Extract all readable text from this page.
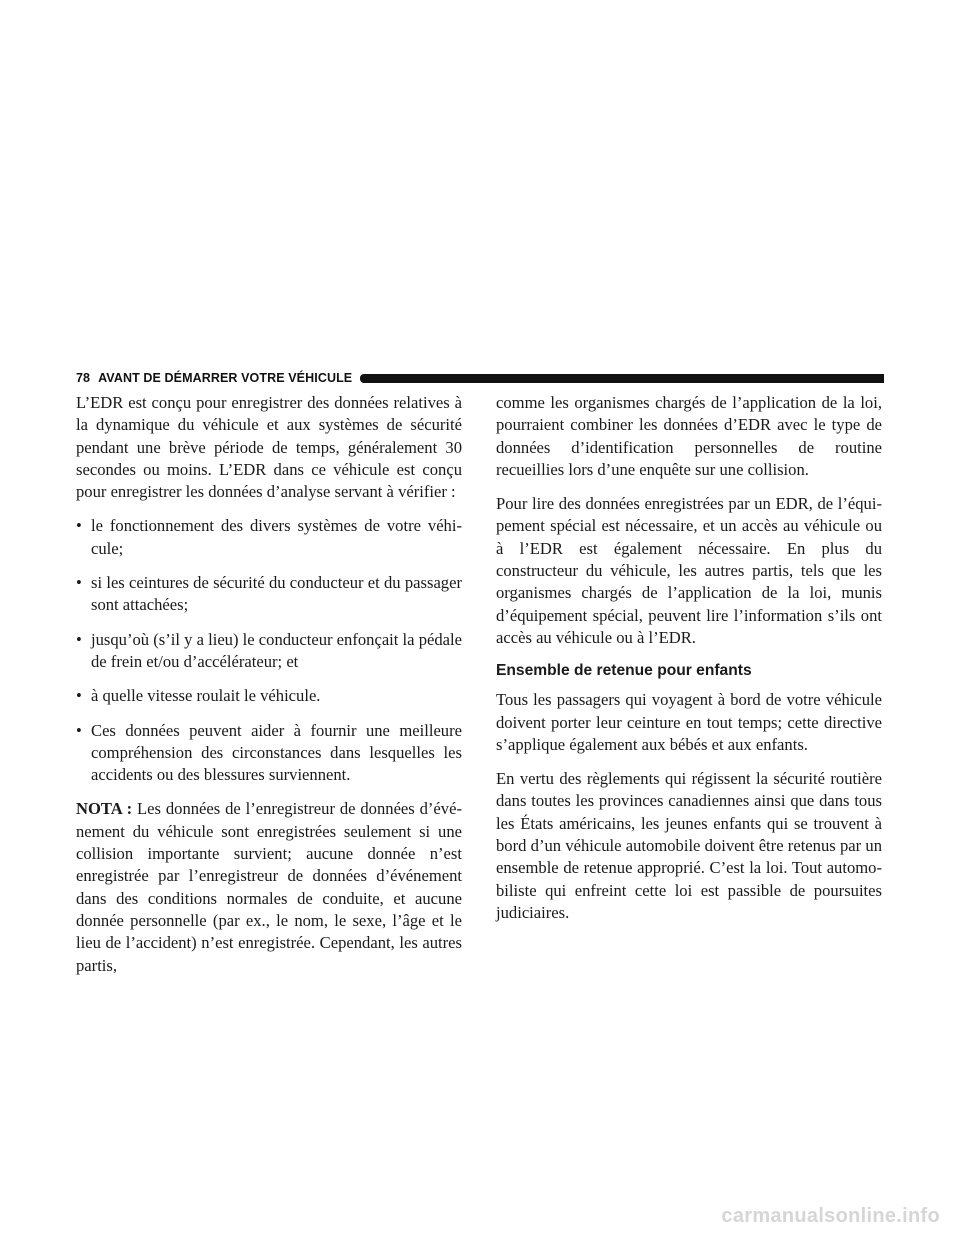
78 AVANT DE DÉMARRER VOTRE VÉHICULE

L’EDR est conçu pour enregistrer des données relatives à la dynamique du véhicule et aux systèmes de sécurité pendant une brève période de temps, généralement 30 secondes ou moins. L’EDR dans ce véhicule est conçu pour enregistrer les données d’analyse servant à vérifier :

• le fonctionnement des divers systèmes de votre véhicule;
• si les ceintures de sécurité du conducteur et du passager sont attachées;
• jusqu’où (s’il y a lieu) le conducteur enfonçait la pédale de frein et/ou d’accélérateur; et
• à quelle vitesse roulait le véhicule.
• Ces données peuvent aider à fournir une meilleure compréhension des circonstances dans lesquelles les accidents ou des blessures surviennent.

NOTA : Les données de l’enregistreur de données d’événement du véhicule sont enregistrées seulement si une collision importante survient; aucune donnée n’est enregistrée par l’enregistreur de données d’événement dans des conditions normales de conduite, et aucune donnée personnelle (par ex., le nom, le sexe, l’âge et le lieu de l’accident) n’est enregistrée. Cependant, les autres partis,

comme les organismes chargés de l’application de la loi, pourraient combiner les données d’EDR avec le type de données d’identification personnelles de routine recueillies lors d’une enquête sur une collision.

Pour lire des données enregistrées par un EDR, de l’équipement spécial est nécessaire, et un accès au véhicule ou à l’EDR est également nécessaire. En plus du constructeur du véhicule, les autres partis, tels que les organismes chargés de l’application de la loi, munis d’équipement spécial, peuvent lire l’information s’ils ont accès au véhicule ou à l’EDR.

Ensemble de retenue pour enfants

Tous les passagers qui voyagent à bord de votre véhicule doivent porter leur ceinture en tout temps; cette directive s’applique également aux bébés et aux enfants.

En vertu des règlements qui régissent la sécurité routière dans toutes les provinces canadiennes ainsi que dans tous les États américains, les jeunes enfants qui se trouvent à bord d’un véhicule automobile doivent être retenus par un ensemble de retenue approprié. C’est la loi. Tout automobiliste qui enfreint cette loi est passible de poursuites judiciaires.

carmanualsonline.info
